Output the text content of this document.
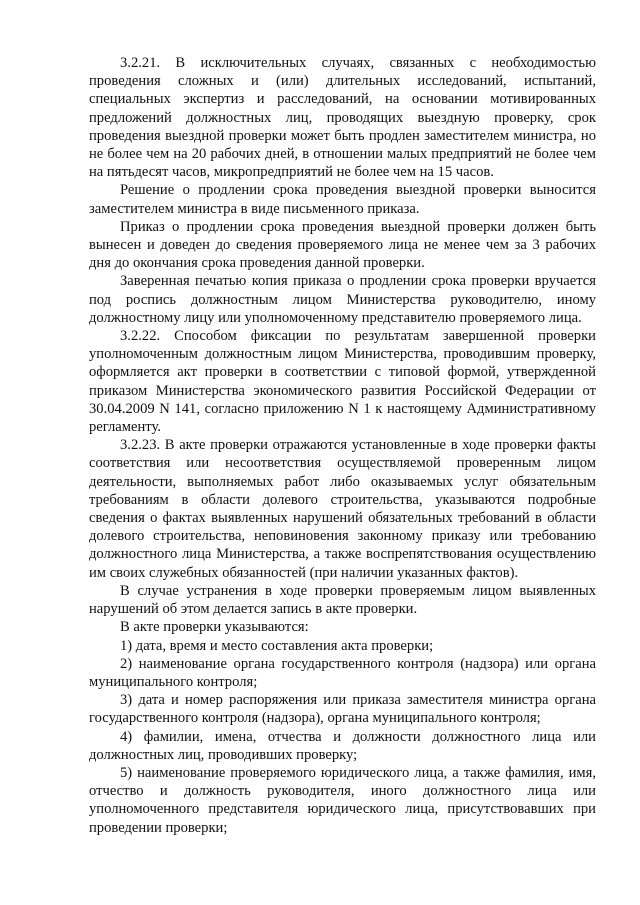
3.2.21. В исключительных случаях, связанных с необходимостью проведения сложных и (или) длительных исследований, испытаний, специальных экспертиз и расследований, на основании мотивированных предложений должностных лиц, проводящих выездную проверку, срок проведения выездной проверки может быть продлен заместителем министра, но не более чем на 20 рабочих дней, в отношении малых предприятий не более чем на пятьдесят часов, микропредприятий не более чем на 15 часов.

Решение о продлении срока проведения выездной проверки выносится заместителем министра в виде письменного приказа.

Приказ о продлении срока проведения выездной проверки должен быть вынесен и доведен до сведения проверяемого лица не менее чем за 3 рабочих дня до окончания срока проведения данной проверки.

Заверенная печатью копия приказа о продлении срока проверки вручается под роспись должностным лицом Министерства руководителю, иному должностному лицу или уполномоченному представителю проверяемого лица.

3.2.22. Способом фиксации по результатам завершенной проверки уполномоченным должностным лицом Министерства, проводившим проверку, оформляется акт проверки в соответствии с типовой формой, утвержденной приказом Министерства экономического развития Российской Федерации от 30.04.2009 N 141, согласно приложению N 1 к настоящему Административному регламенту.

3.2.23. В акте проверки отражаются установленные в ходе проверки факты соответствия или несоответствия осуществляемой проверенным лицом деятельности, выполняемых работ либо оказываемых услуг обязательным требованиям в области долевого строительства, указываются подробные сведения о фактах выявленных нарушений обязательных требований в области долевого строительства, неповиновения законному приказу или требованию должностного лица Министерства, а также воспрепятствования осуществлению им своих служебных обязанностей (при наличии указанных фактов).

В случае устранения в ходе проверки проверяемым лицом выявленных нарушений об этом делается запись в акте проверки.

В акте проверки указываются:

1) дата, время и место составления акта проверки;

2) наименование органа государственного контроля (надзора) или органа муниципального контроля;

3) дата и номер распоряжения или приказа заместителя министра органа государственного контроля (надзора), органа муниципального контроля;

4) фамилии, имена, отчества и должности должностного лица или должностных лиц, проводивших проверку;

5) наименование проверяемого юридического лица, а также фамилия, имя, отчество и должность руководителя, иного должностного лица или уполномоченного представителя юридического лица, присутствовавших при проведении проверки;
